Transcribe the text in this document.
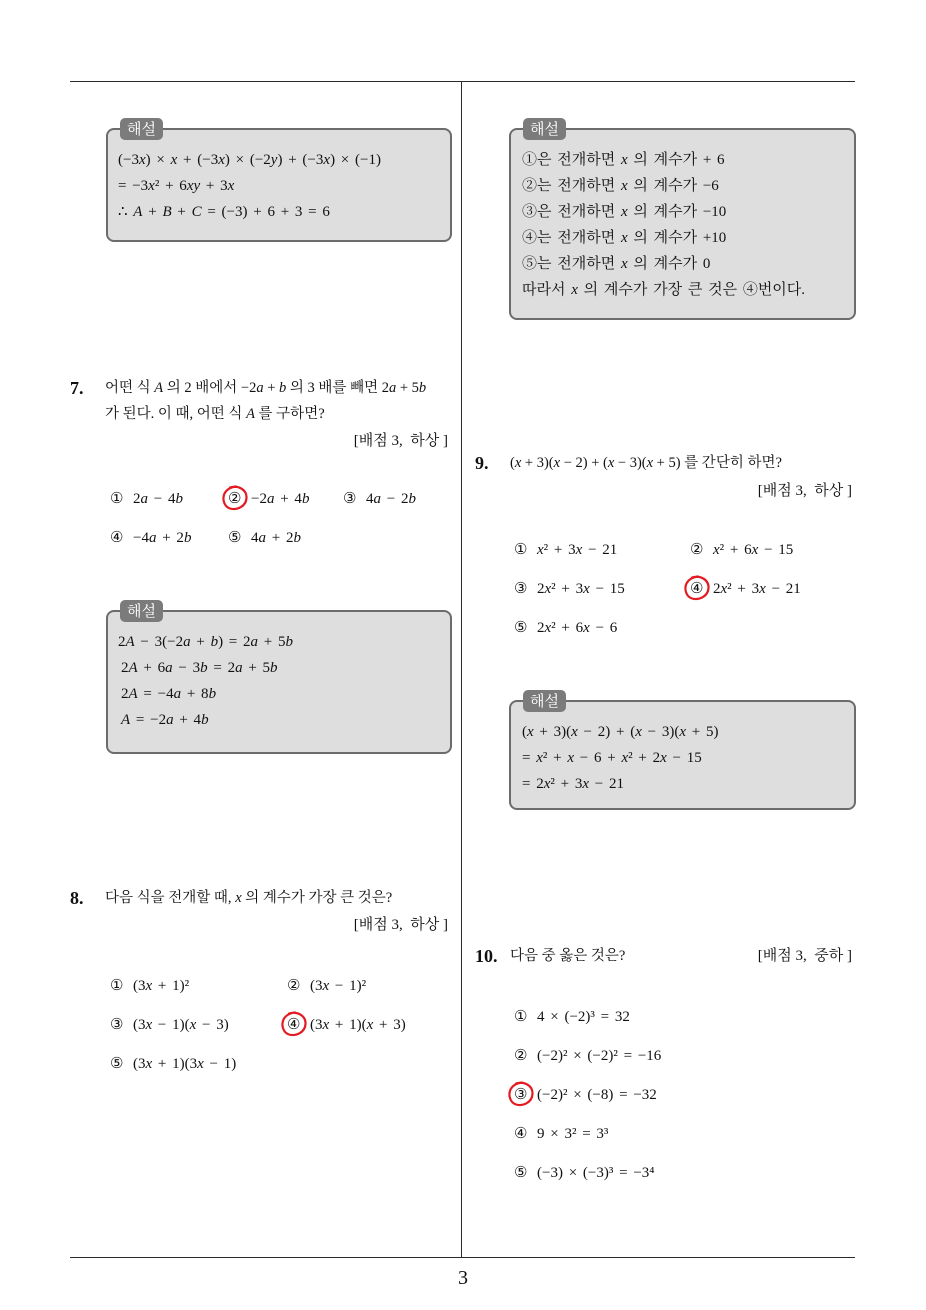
해설
(−3x) × x + (−3x) × (−2y) + (−3x) × (−1)
= −3x² + 6xy + 3x
∴ A + B + C = (−3) + 6 + 3 = 6
7. 어떤 식 A 의 2 배에서 −2a + b 의 3 배를 빼면 2a + 5b
가 된다. 이 때, 어떤 식 A 를 구하면?
[배점 3,  하상 ]
① 2a − 4b	② −2a + 4b	③ 4a − 2b
④ −4a + 2b	⑤ 4a + 2b
해설
2A − 3(−2a + b) = 2a + 5b
2A + 6a − 3b = 2a + 5b
2A = −4a + 8b
A = −2a + 4b
8. 다음 식을 전개할 때, x 의 계수가 가장 큰 것은?
[배점 3,  하상 ]
① (3x + 1)²	② (3x − 1)²
③ (3x − 1)(x − 3)	④ (3x + 1)(x + 3)
⑤ (3x + 1)(3x − 1)
해설
①은 전개하면 x 의 계수가 + 6
②는 전개하면 x 의 계수가 −6
③은 전개하면 x 의 계수가 −10
④는 전개하면 x 의 계수가 +10
⑤는 전개하면 x 의 계수가 0
따라서 x 의 계수가 가장 큰 것은 ④번이다.
9. (x + 3)(x − 2) + (x − 3)(x + 5) 를 간단히 하면?
[배점 3,  하상 ]
① x² + 3x − 21	② x² + 6x − 15
③ 2x² + 3x − 15	④ 2x² + 3x − 21
⑤ 2x² + 6x − 6
해설
(x + 3)(x − 2) + (x − 3)(x + 5)
= x² + x − 6 + x² + 2x − 15
= 2x² + 3x − 21
10. 다음 중 옳은 것은?	[배점 3,  중하 ]
① 4 × (−2)³ = 32
② (−2)² × (−2)² = −16
③ (−2)² × (−8) = −32
④ 9 × 3² = 3³
⑤ (−3) × (−3)³ = −3⁴
3
